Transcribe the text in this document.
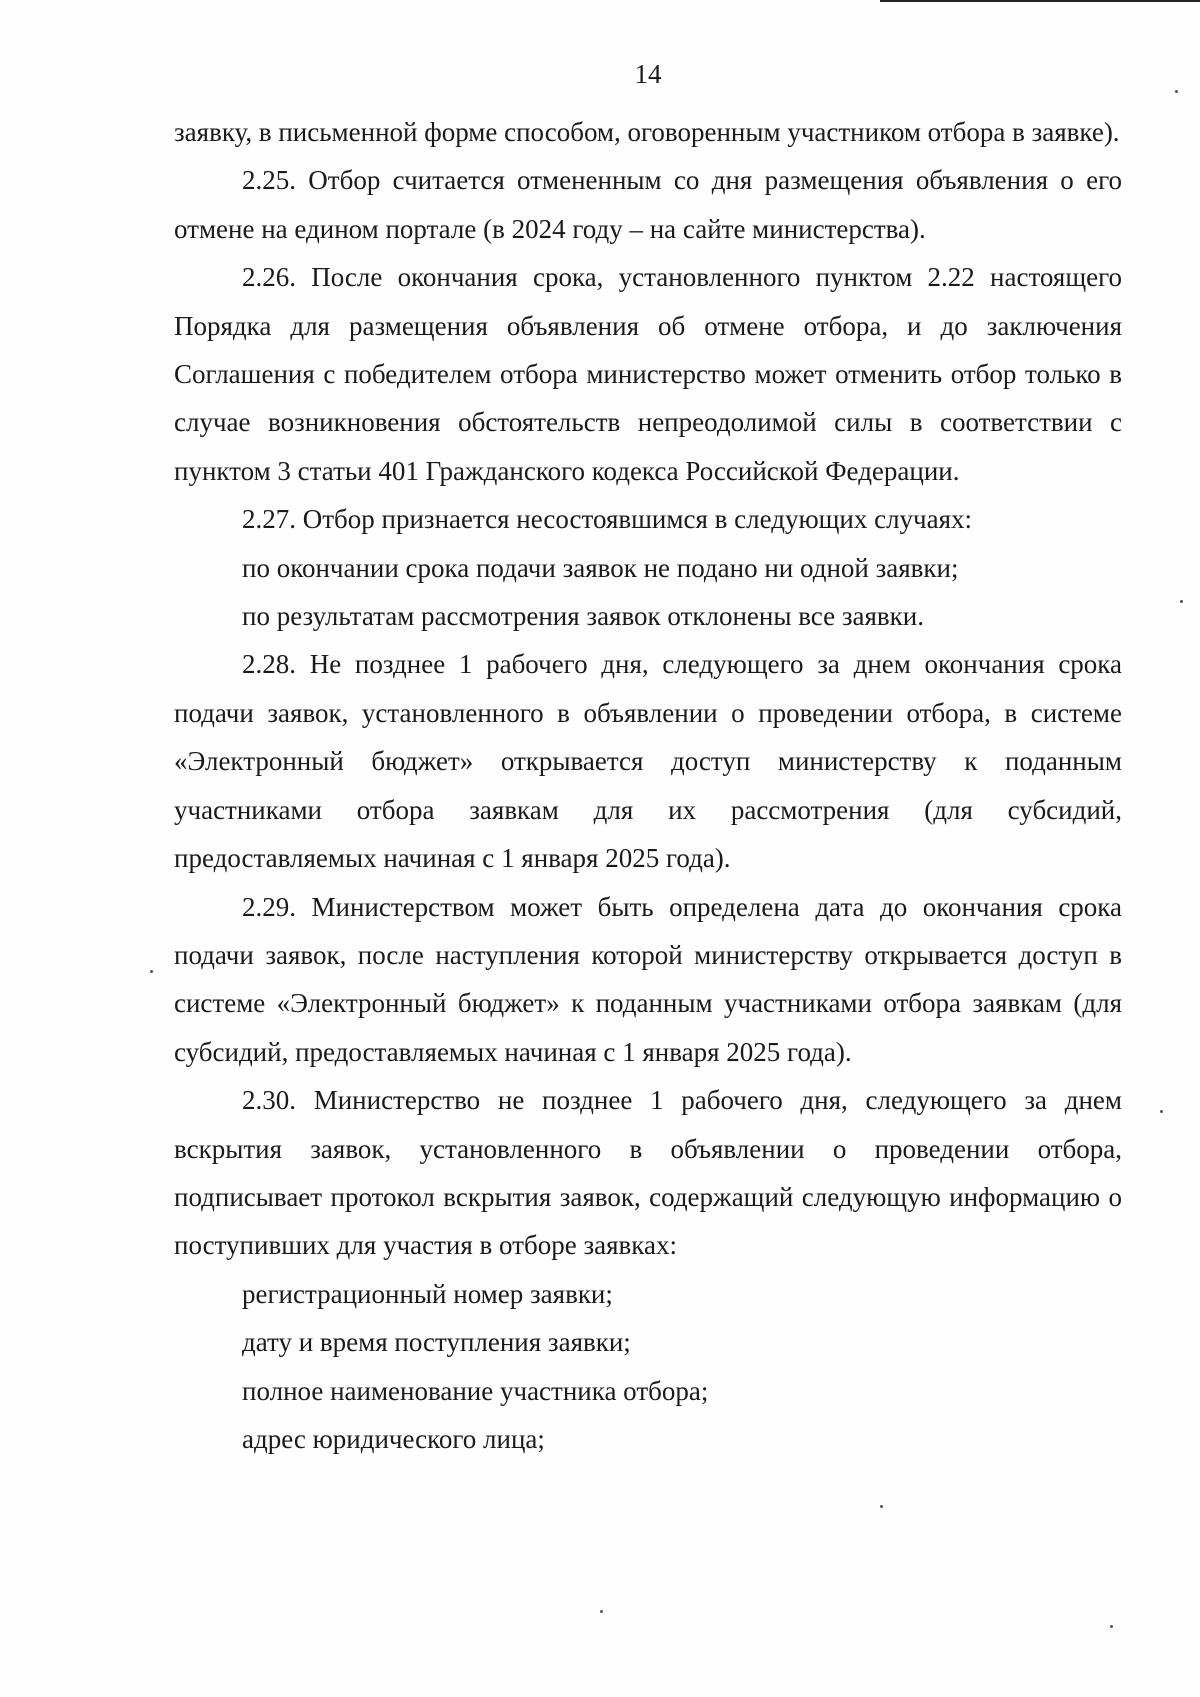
14

заявку, в письменной форме способом, оговоренным участником отбора в заявке).

2.25. Отбор считается отмененным со дня размещения объявления о его отмене на едином портале (в 2024 году – на сайте министерства).

2.26. После окончания срока, установленного пунктом 2.22 настоящего Порядка для размещения объявления об отмене отбора, и до заключения Соглашения с победителем отбора министерство может отменить отбор только в случае возникновения обстоятельств непреодолимой силы в соответствии с пунктом 3 статьи 401 Гражданского кодекса Российской Федерации.

2.27. Отбор признается несостоявшимся в следующих случаях:

по окончании срока подачи заявок не подано ни одной заявки;

по результатам рассмотрения заявок отклонены все заявки.

2.28. Не позднее 1 рабочего дня, следующего за днем окончания срока подачи заявок, установленного в объявлении о проведении отбора, в системе «Электронный бюджет» открывается доступ министерству к поданным участниками отбора заявкам для их рассмотрения (для субсидий, предоставляемых начиная с 1 января 2025 года).

2.29. Министерством может быть определена дата до окончания срока подачи заявок, после наступления которой министерству открывается доступ в системе «Электронный бюджет» к поданным участниками отбора заявкам (для субсидий, предоставляемых начиная с 1 января 2025 года).

2.30. Министерство не позднее 1 рабочего дня, следующего за днем вскрытия заявок, установленного в объявлении о проведении отбора, подписывает протокол вскрытия заявок, содержащий следующую информацию о поступивших для участия в отборе заявках:

регистрационный номер заявки;

дату и время поступления заявки;

полное наименование участника отбора;

адрес юридического лица;
